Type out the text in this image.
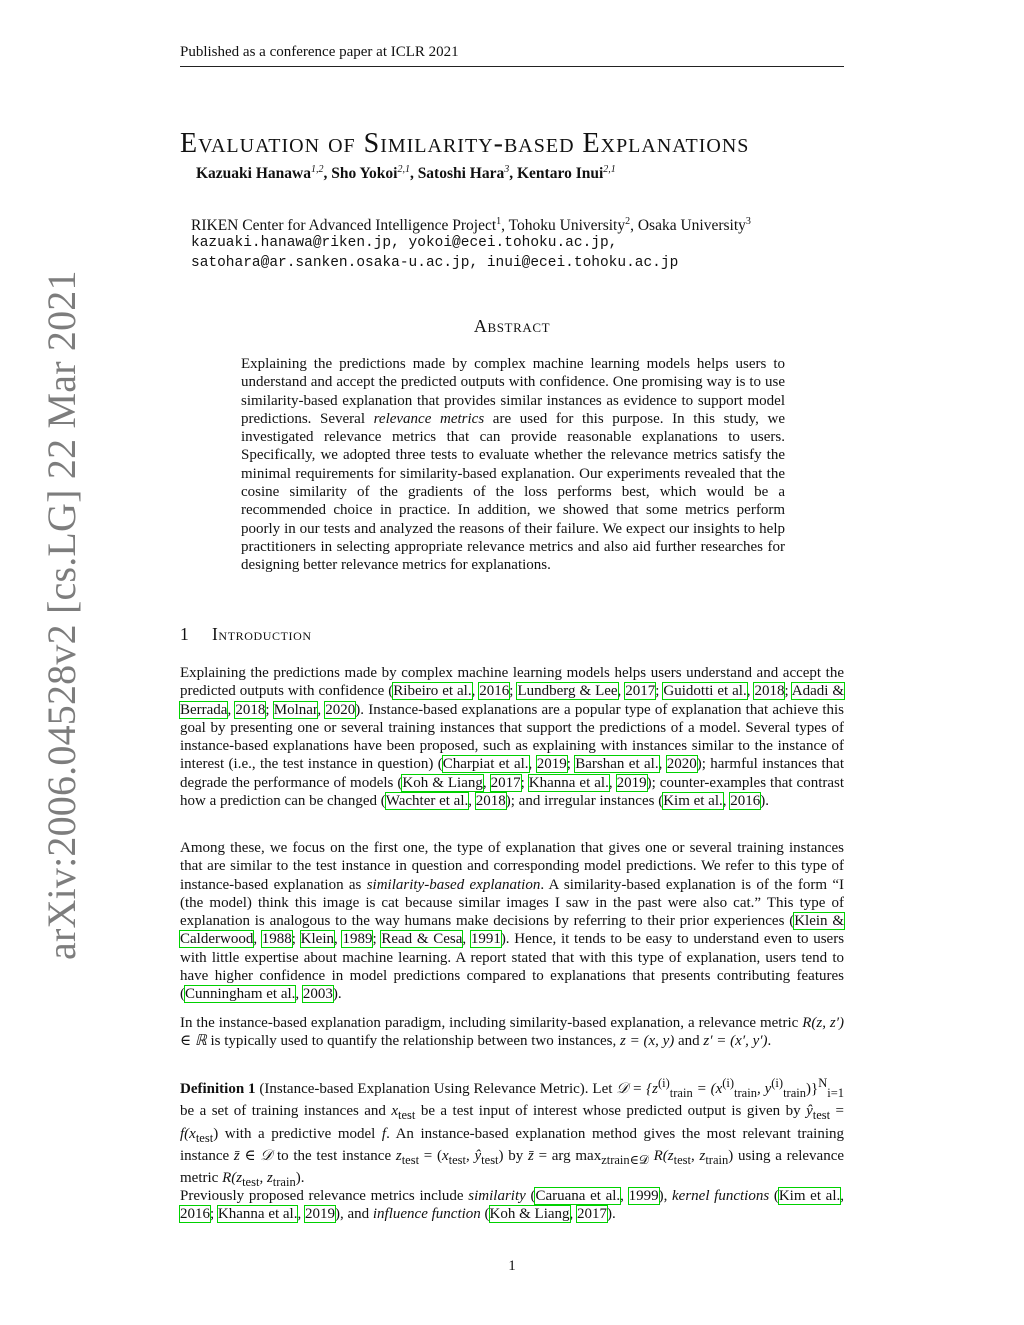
Published as a conference paper at ICLR 2021
arXiv:2006.04528v2 [cs.LG] 22 Mar 2021
Evaluation of Similarity-based Explanations
Kazuaki Hanawa$^{1,2}$, Sho Yokoi$^{2,1}$, Satoshi Hara$^3$, Kentaro Inui$^{2,1}$
RIKEN Center for Advanced Intelligence Project$^1$, Tohoku University$^2$, Osaka University$^3$
kazuaki.hanawa@riken.jp, yokoi@ecei.tohoku.ac.jp,
satohara@ar.sanken.osaka-u.ac.jp, inui@ecei.tohoku.ac.jp
Abstract

Explaining the predictions made by complex machine learning models helps users to understand and accept the predicted outputs with confidence. One promising way is to use similarity-based explanation that provides similar instances as evidence to support model predictions. Several relevance metrics are used for this purpose. In this study, we investigated relevance metrics that can provide reasonable explanations to users. Specifically, we adopted three tests to evaluate whether the relevance metrics satisfy the minimal requirements for similarity-based explanation. Our experiments revealed that the cosine similarity of the gradients of the loss performs best, which would be a recommended choice in practice. In addition, we showed that some metrics perform poorly in our tests and analyzed the reasons of their failure. We expect our insights to help practitioners in selecting appropriate relevance metrics and also aid further researches for designing better relevance metrics for explanations.

1 Introduction

Explaining the predictions made by complex machine learning models helps users understand and accept the predicted outputs with confidence (Ribeiro et al., 2016; Lundberg & Lee, 2017; Guidotti et al., 2018; Adadi & Berrada, 2018; Molnar, 2020). Instance-based explanations are a popular type of explanation that achieve this goal by presenting one or several training instances that support the predictions of a model. Several types of instance-based explanations have been proposed, such as explaining with instances similar to the instance of interest (i.e., the test instance in question) (Charpiat et al., 2019; Barshan et al., 2020); harmful instances that degrade the performance of models (Koh & Liang, 2017; Khanna et al., 2019); counter-examples that contrast how a prediction can be changed (Wachter et al., 2018); and irregular instances (Kim et al., 2016).

Among these, we focus on the first one, the type of explanation that gives one or several training instances that are similar to the test instance in question and corresponding model predictions. We refer to this type of instance-based explanation as similarity-based explanation. A similarity-based explanation is of the form “I (the model) think this image is cat because similar images I saw in the past were also cat.” This type of explanation is analogous to the way humans make decisions by referring to their prior experiences (Klein & Calderwood, 1988; Klein, 1989; Read & Cesa, 1991). Hence, it tends to be easy to understand even to users with little expertise about machine learning. A report stated that with this type of explanation, users tend to have higher confidence in model predictions compared to explanations that presents contributing features (Cunningham et al., 2003).

In the instance-based explanation paradigm, including similarity-based explanation, a relevance metric R(z, z′) ∈ ℝ is typically used to quantify the relationship between two instances, z = (x, y) and z′ = (x′, y′).

Definition 1 (Instance-based Explanation Using Relevance Metric). Let 𝒟 = {$z^{(i)}_{train} = (x^{(i)}_{train}$, $y^{(i)}_{train})\}^N_{i=1}$ be a set of training instances and $x_{test}$ be a test input of interest whose predicted output is given by $ŷ_{test} = f(x_{test})$ with a predictive model f. An instance-based explanation method gives the most relevant training instance z̄ ∈ 𝒟 to the test instance $z_{test} = (x_{test}$, $ŷ_{test}$) by z̄ = arg $\max_{ztrain\in 𝒟} R(z_{test}$, $z_{train}$) using a relevance metric $R(z_{test}$, $z_{train}$).

Previously proposed relevance metrics include similarity (Caruana et al., 1999), kernel functions (Kim et al., 2016; Khanna et al., 2019), and influence function (Koh & Liang, 2017).

1
